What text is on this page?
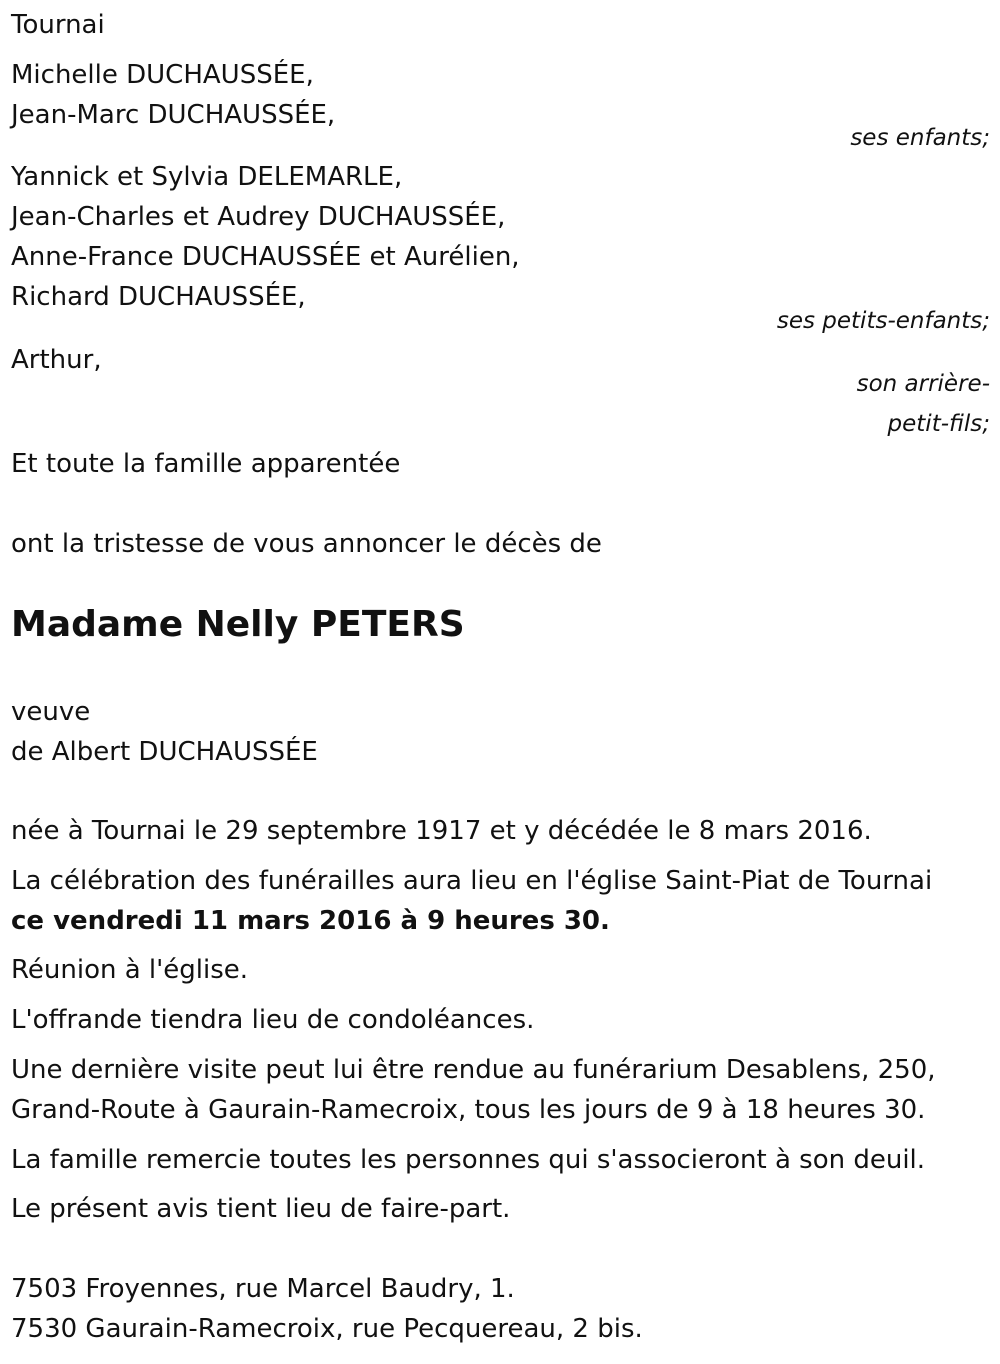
Tournai
Michelle DUCHAUSSÉE,
Jean-Marc DUCHAUSSÉE,
ses enfants;
Yannick et Sylvia DELEMARLE,
Jean-Charles et Audrey DUCHAUSSÉE,
Anne-France DUCHAUSSÉE et Aurélien,
Richard DUCHAUSSÉE,
ses petits-enfants;
Arthur,
son arrière-
petit-fils;
Et toute la famille apparentée
ont la tristesse de vous annoncer le décès de
Madame Nelly PETERS
veuve
de Albert DUCHAUSSÉE
née à Tournai le 29 septembre 1917 et y décédée le 8 mars 2016.
La célébration des funérailles aura lieu en l'église Saint-Piat de Tournai
ce vendredi 11 mars 2016 à 9 heures 30.
Réunion à l'église.
L'offrande tiendra lieu de condoléances.
Une dernière visite peut lui être rendue au funérarium Desablens, 250,
Grand-Route à Gaurain-Ramecroix, tous les jours de 9 à 18 heures 30.
La famille remercie toutes les personnes qui s'associeront à son deuil.
Le présent avis tient lieu de faire-part.
7503 Froyennes, rue Marcel Baudry, 1.
7530 Gaurain-Ramecroix, rue Pecquereau, 2 bis.
